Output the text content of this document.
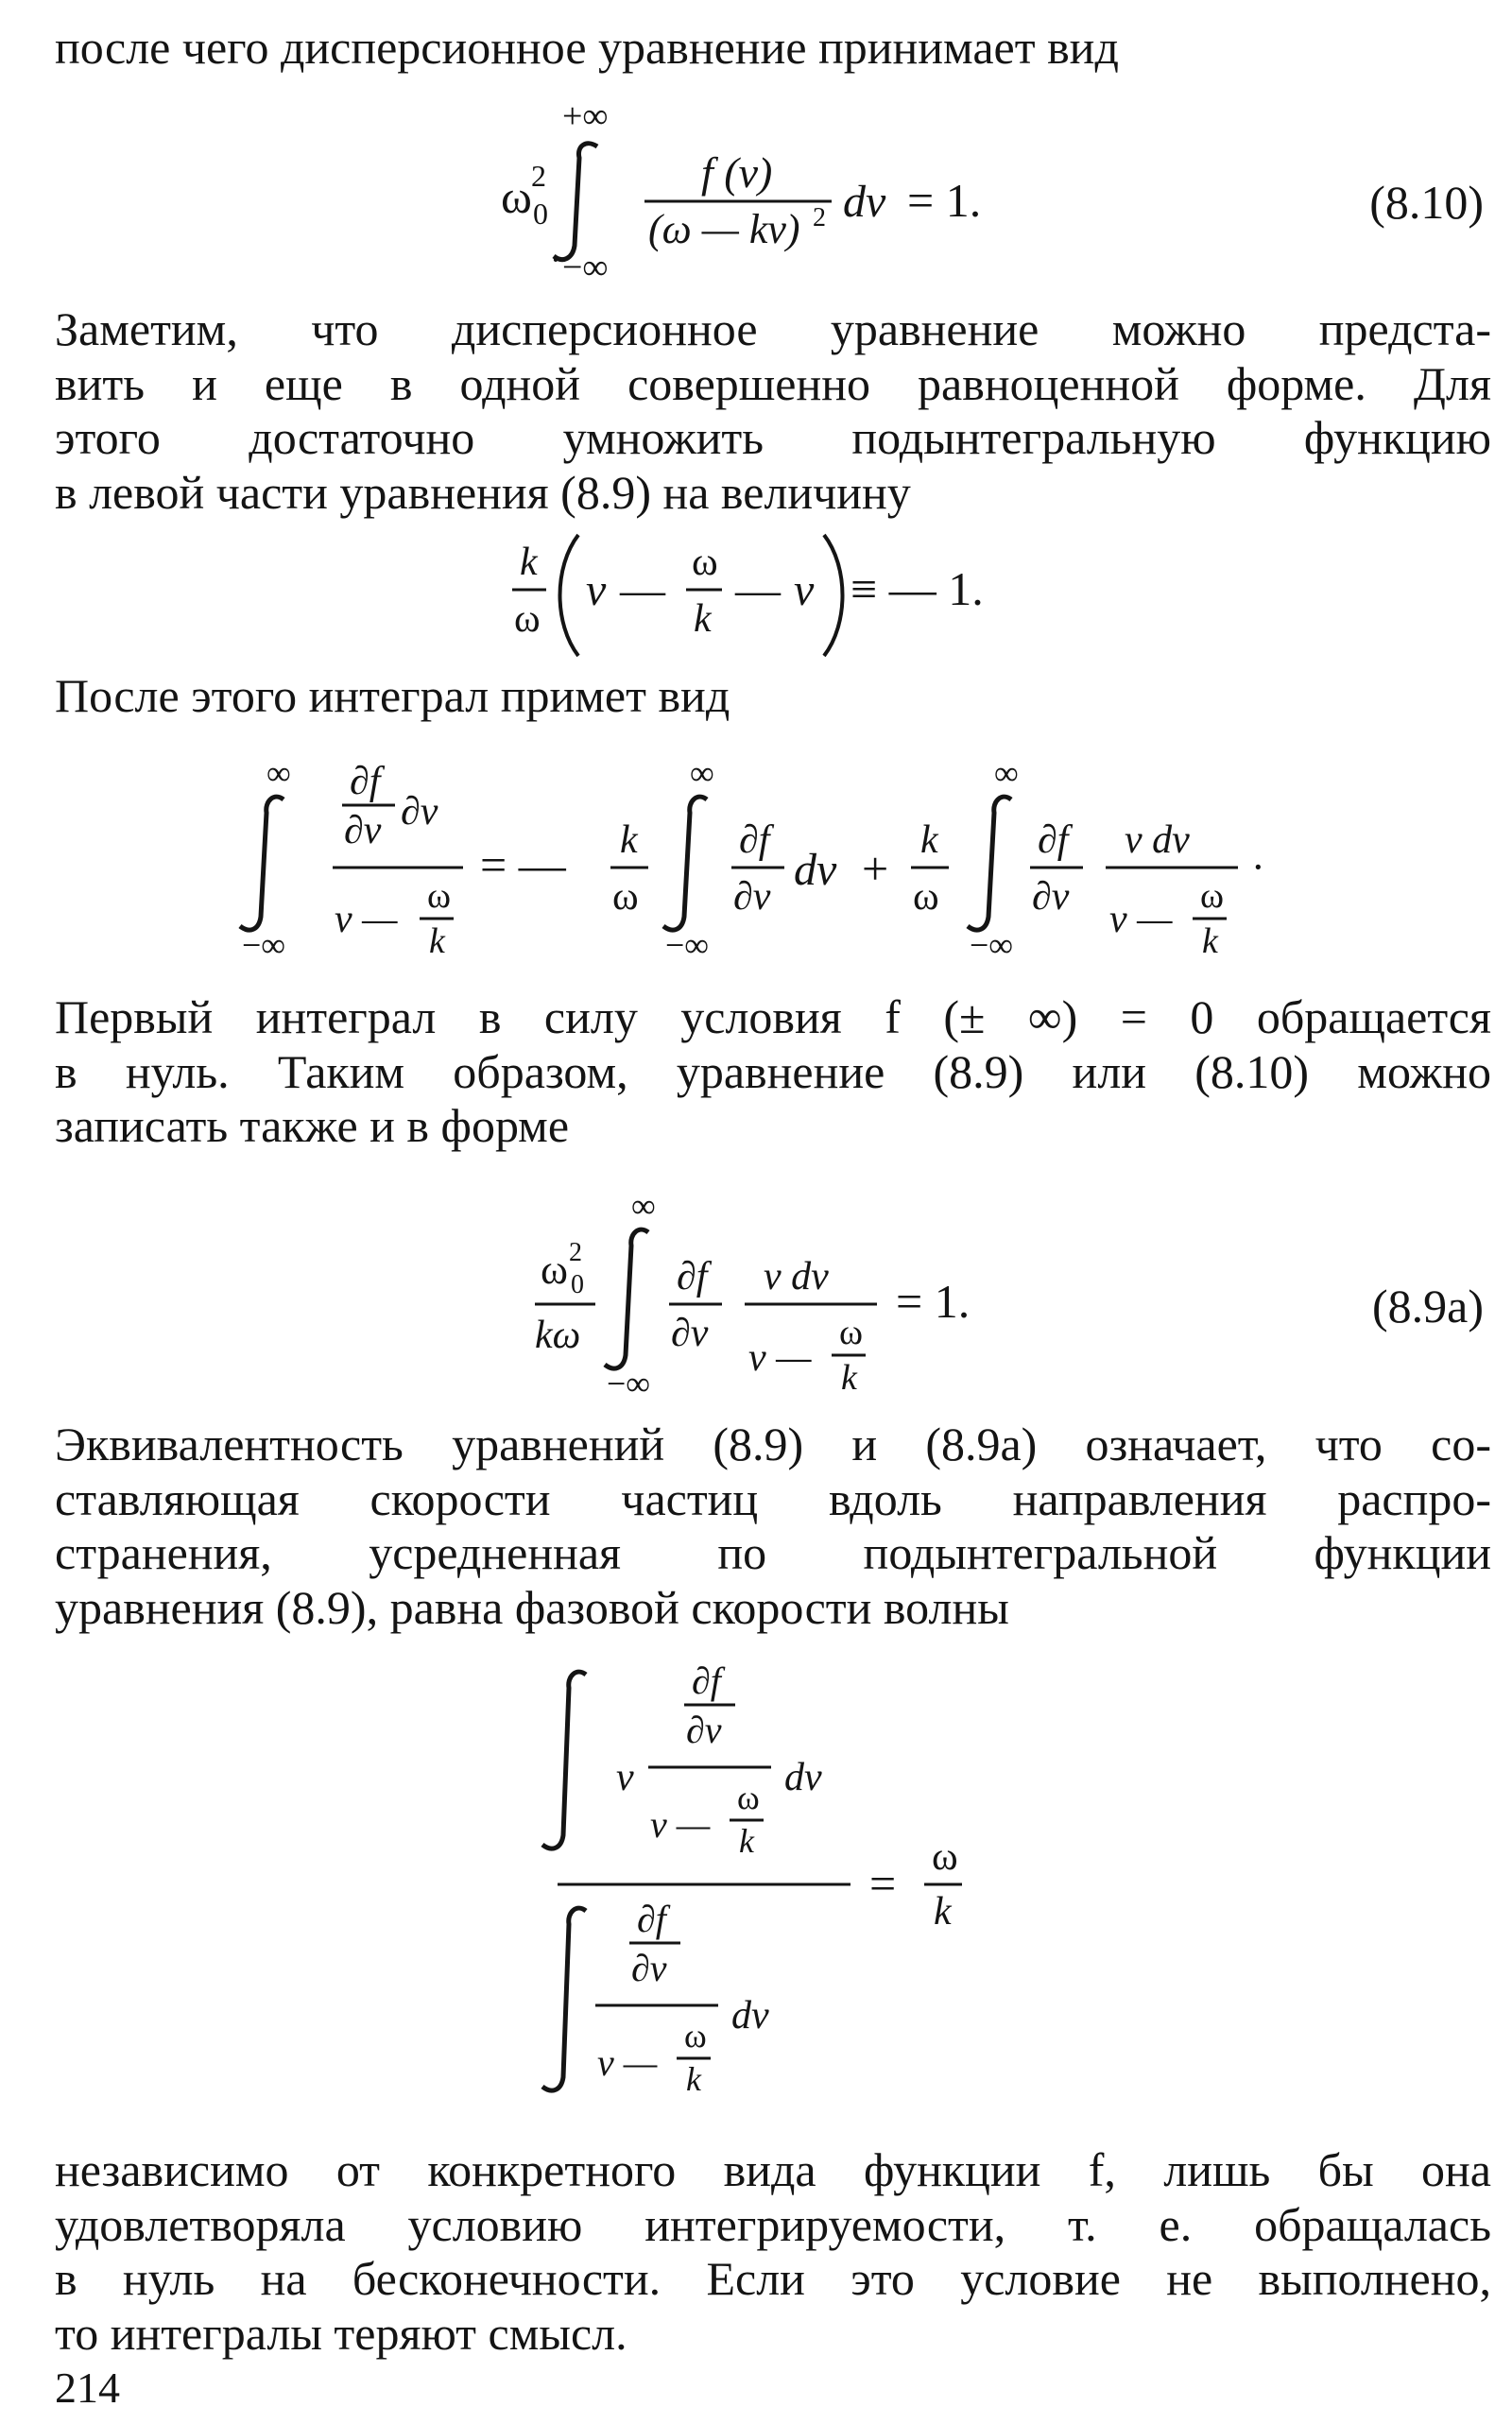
после чего дисперсионное уравнение принимает вид

ω 2
0
+∞
−∞
·
f (v)
(ω — kv) 2 dv = 1.	(8.10)

Заметим, что дисперсионное уравнение можно предста-
вить и еще в одной совершенно равноценной форме. Для
этого достаточно умножить подынтегральную функцию
в левой части уравнения (8.9) на величину

k
ω
v —
ω
k
— v ≡ — 1.

После этого интеграл примет вид

∞
−∞
∂f
∂v ∂v
v —
ω
k
= — k
ω
∞
−∞
∂f
∂v
dv +
k
ω
∞
−∞
∂f
∂v
v dv
v —
ω
k
·

Первый интеграл в силу условия f (± ∞) = 0 обращается
в нуль. Таким образом, уравнение (8.9) или (8.10) можно
записать также и в форме

ω 2
0
kω
∞
−∞
∂f
∂v
v dv
v —
ω
k
= 1.	(8.9а)

Эквивалентность уравнений (8.9) и (8.9а) означает, что со-
ставляющая скорости частиц вдоль направления распро-
странения, усредненная по подынтегральной функции
уравнения (8.9), равна фазовой скорости волны

v
∂f
∂v
v —
ω
k
dv
= ω
k
∂f
∂v
v —
ω
k
dv

независимо от конкретного вида функции f, лишь бы она
удовлетворяла условию интегрируемости, т. е. обращалась
в нуль на бесконечности. Если это условие не выполнено,
то интегралы теряют смысл.

214
